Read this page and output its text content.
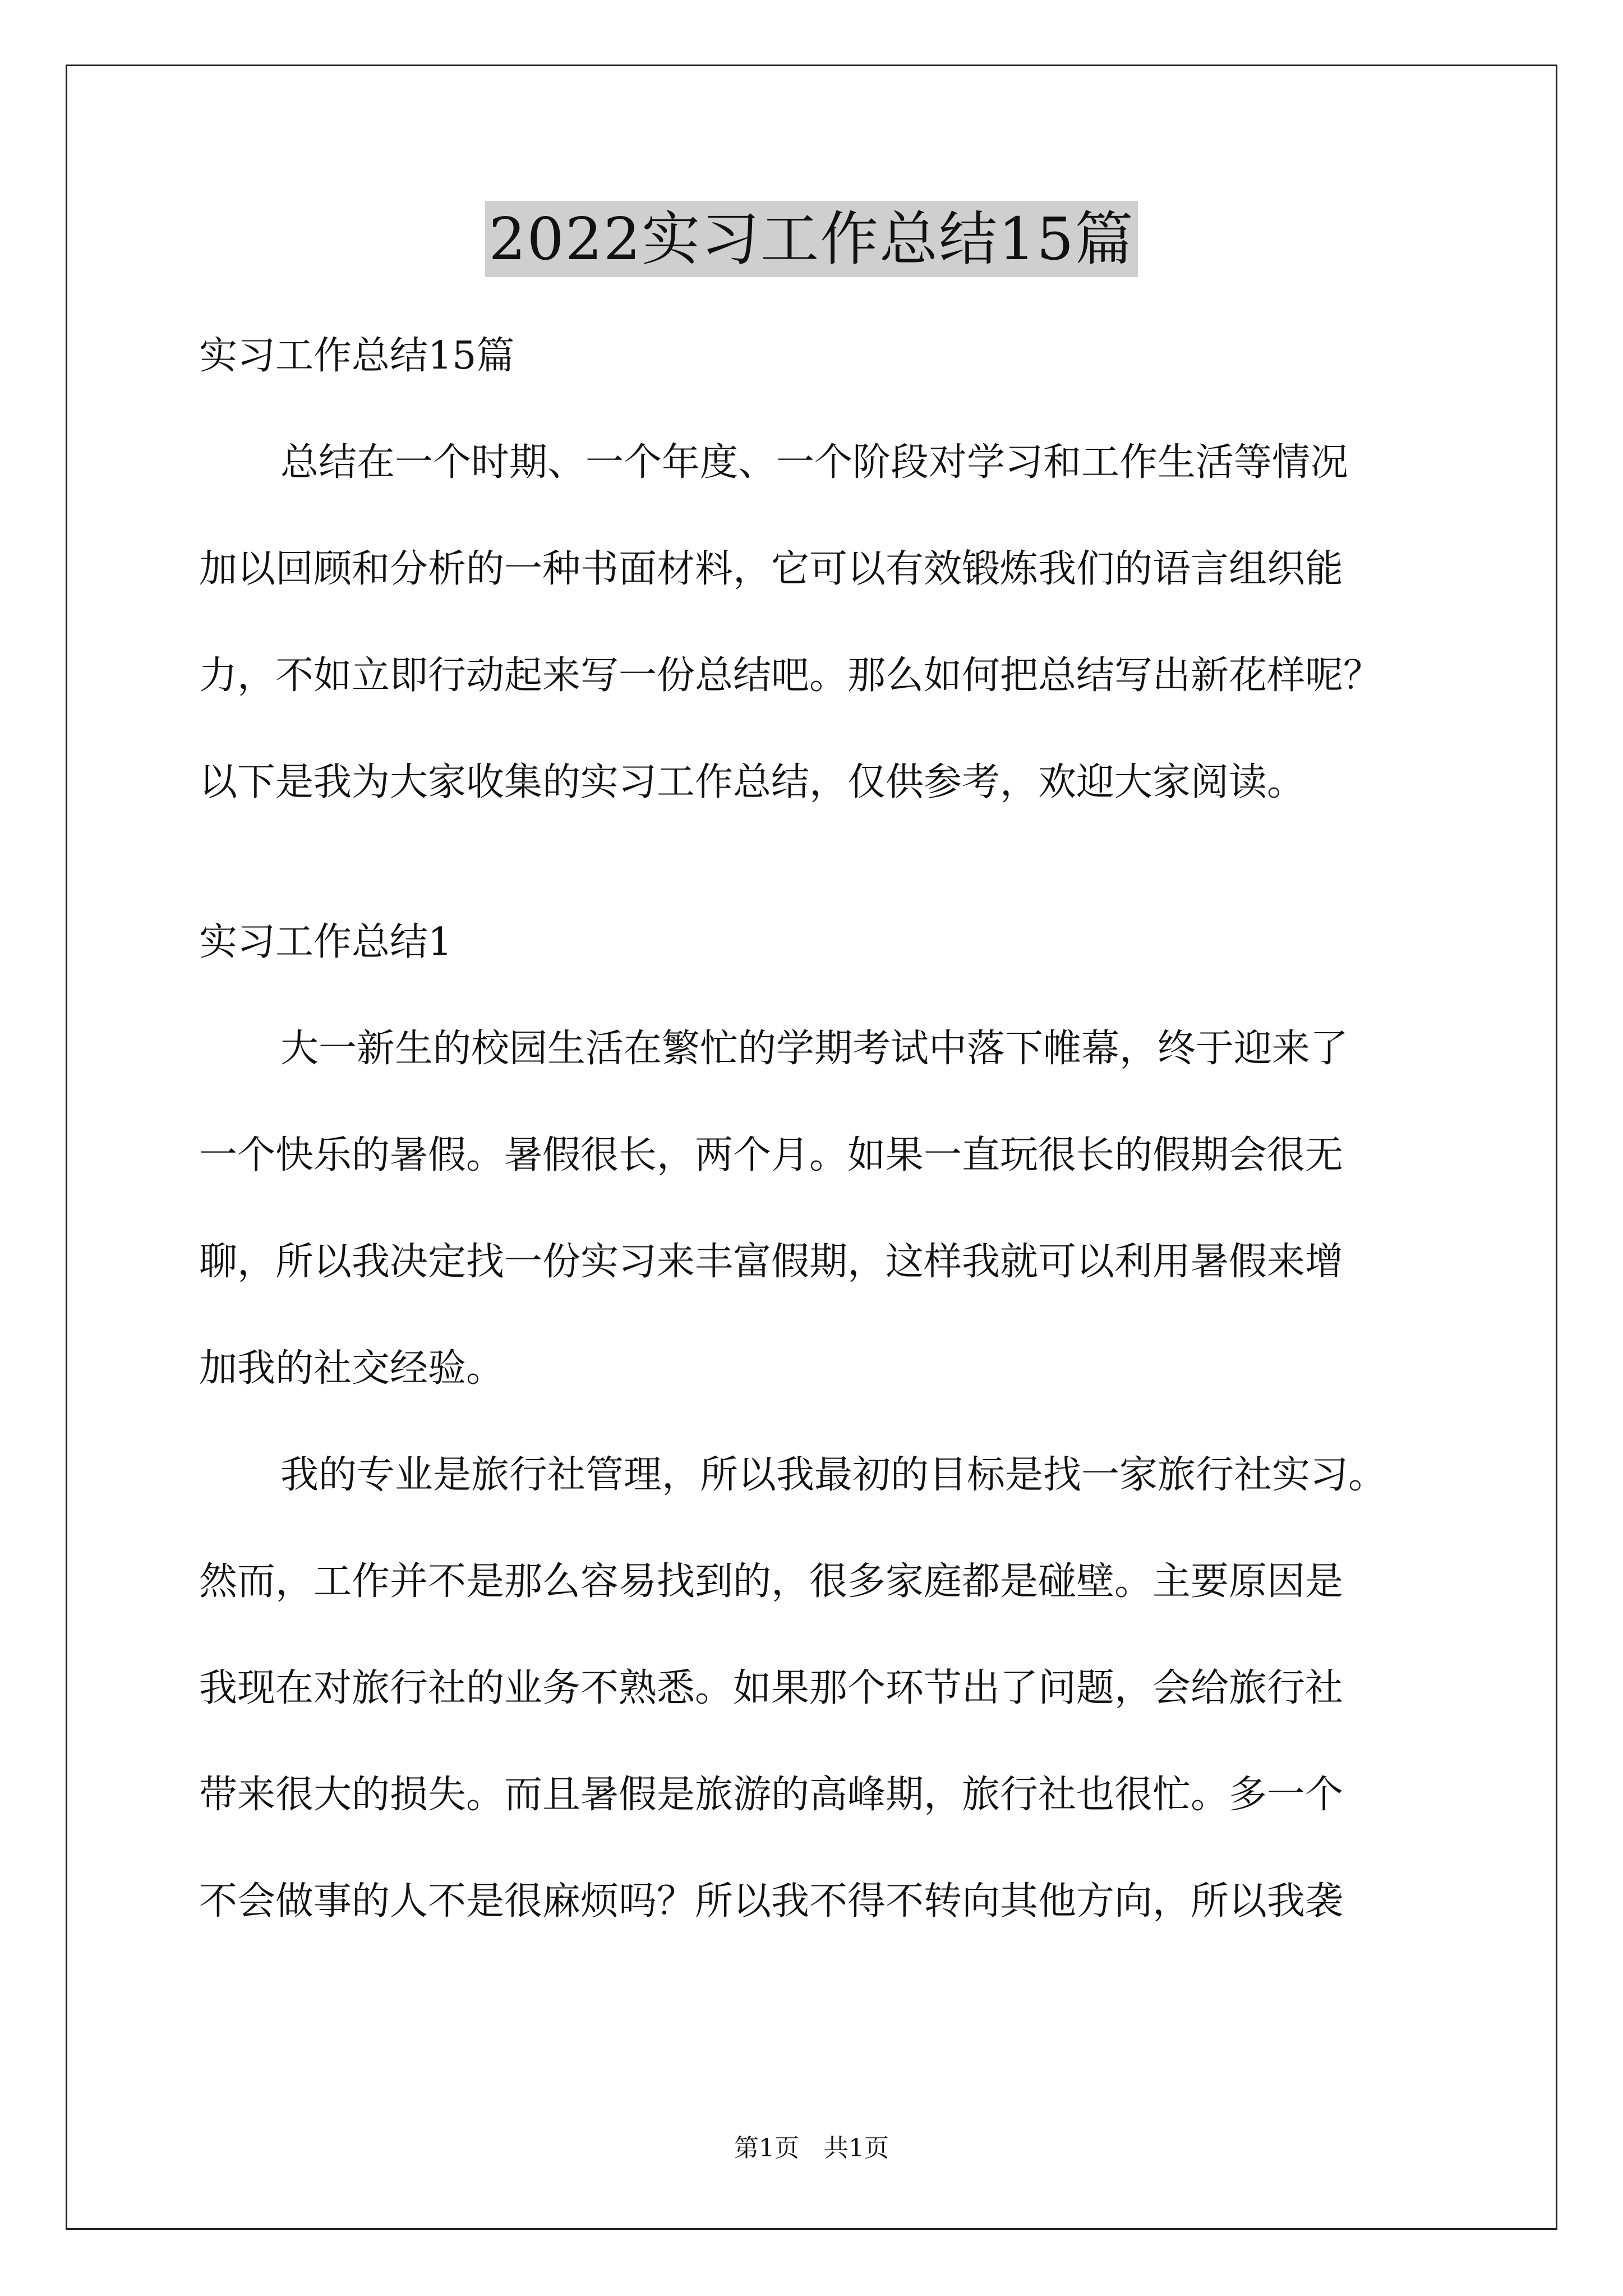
2022实习工作总结15篇
实习工作总结15篇
总结在一个时期、一个年度、一个阶段对学习和工作生活等情况
加以回顾和分析的一种书面材料，它可以有效锻炼我们的语言组织能
力，不如立即行动起来写一份总结吧。那么如何把总结写出新花样呢？
以下是我为大家收集的实习工作总结，仅供参考，欢迎大家阅读。
实习工作总结1
大一新生的校园生活在繁忙的学期考试中落下帷幕，终于迎来了
一个快乐的暑假。暑假很长，两个月。如果一直玩很长的假期会很无
聊，所以我决定找一份实习来丰富假期，这样我就可以利用暑假来增
加我的社交经验。
我的专业是旅行社管理，所以我最初的目标是找一家旅行社实习。
然而，工作并不是那么容易找到的，很多家庭都是碰壁。主要原因是
我现在对旅行社的业务不熟悉。如果那个环节出了问题，会给旅行社
带来很大的损失。而且暑假是旅游的高峰期，旅行社也很忙。多一个
不会做事的人不是很麻烦吗？所以我不得不转向其他方向，所以我袭
第1页　共1页
